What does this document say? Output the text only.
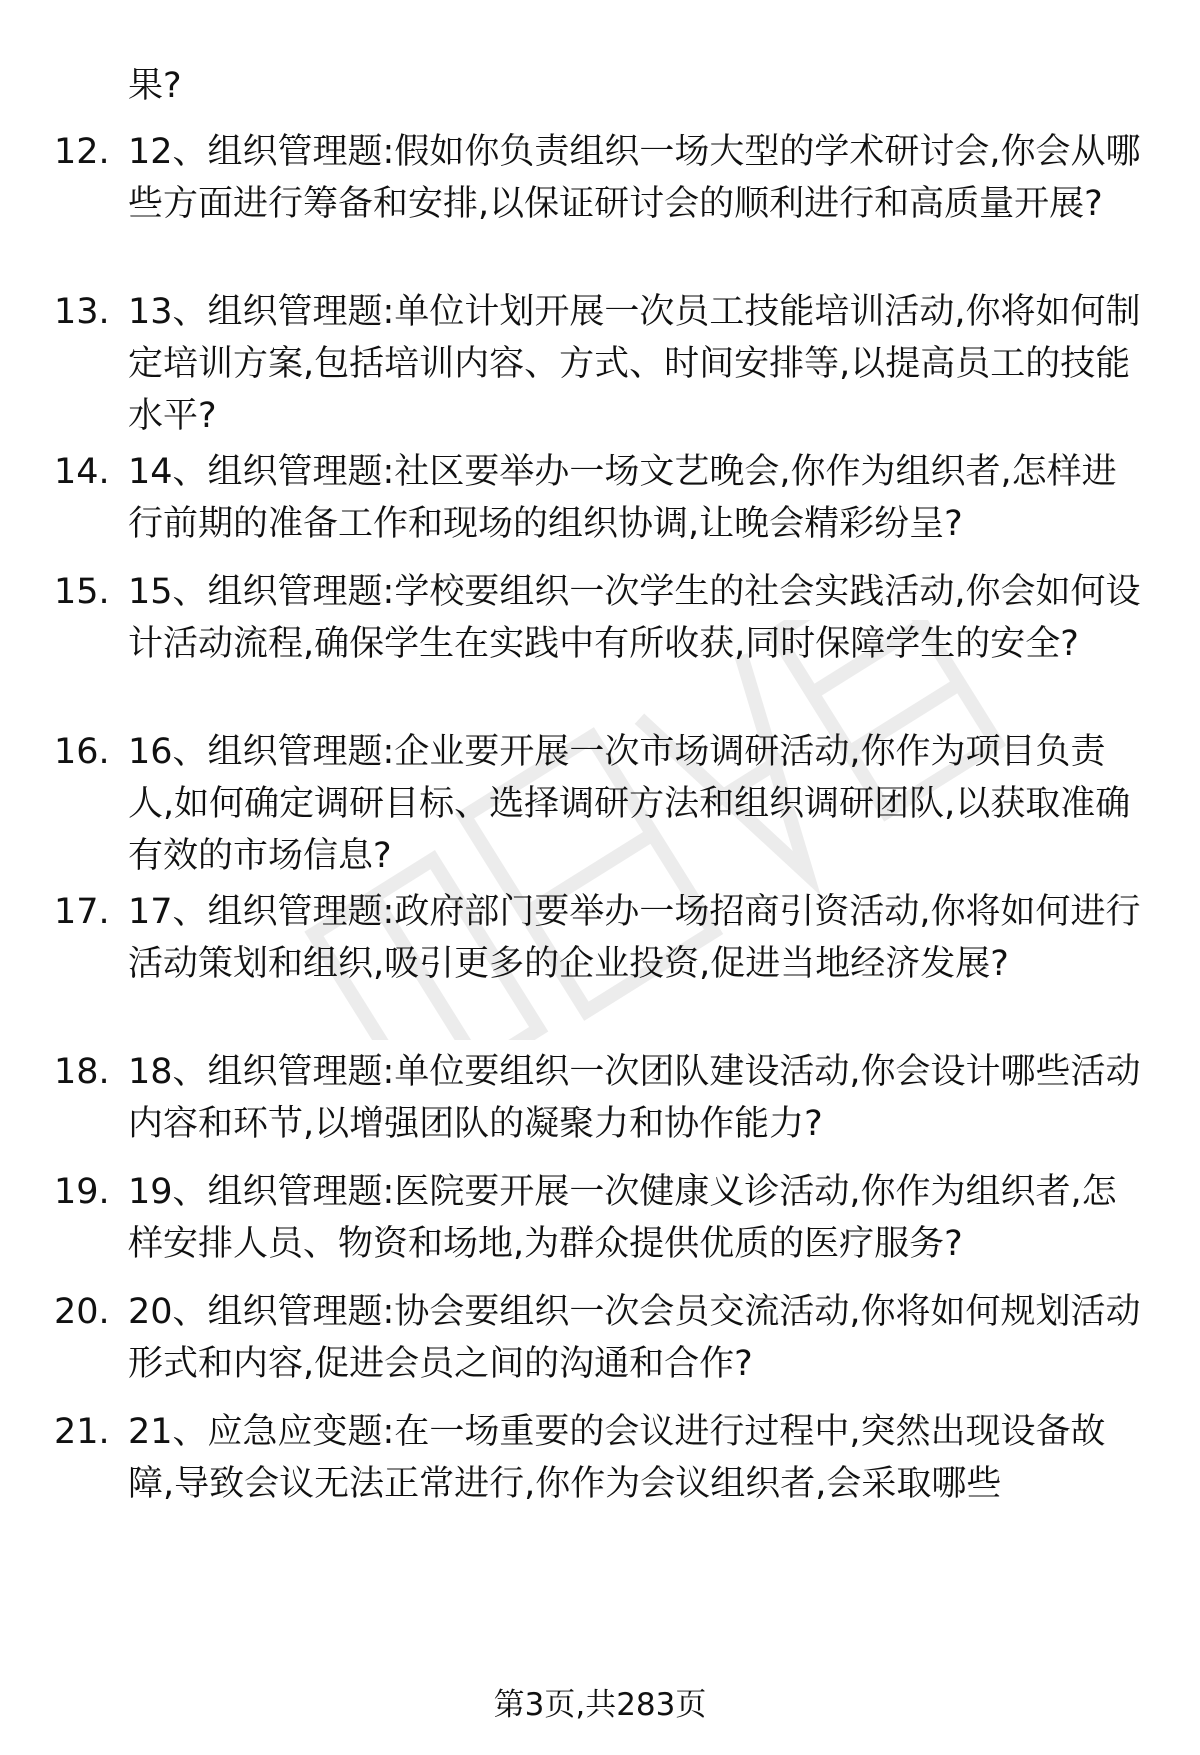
果?

12. 12、组织管理题:假如你负责组织一场大型的学术研讨会,你会从哪些方面进行筹备和安排,以保证研讨会的顺利进行和高质量开展?

13. 13、组织管理题:单位计划开展一次员工技能培训活动,你将如何制定培训方案,包括培训内容、方式、时间安排等,以提高员工的技能水平?

14. 14、组织管理题:社区要举办一场文艺晚会,你作为组织者,怎样进行前期的准备工作和现场的组织协调,让晚会精彩纷呈?

15. 15、组织管理题:学校要组织一次学生的社会实践活动,你会如何设计活动流程,确保学生在实践中有所收获,同时保障学生的安全?

16. 16、组织管理题:企业要开展一次市场调研活动,你作为项目负责人,如何确定调研目标、选择调研方法和组织调研团队,以获取准确有效的市场信息?

17. 17、组织管理题:政府部门要举办一场招商引资活动,你将如何进行活动策划和组织,吸引更多的企业投资,促进当地经济发展?

18. 18、组织管理题:单位要组织一次团队建设活动,你会设计哪些活动内容和环节,以增强团队的凝聚力和协作能力?

19. 19、组织管理题:医院要开展一次健康义诊活动,你作为组织者,怎样安排人员、物资和场地,为群众提供优质的医疗服务?

20. 20、组织管理题:协会要组织一次会员交流活动,你将如何规划活动形式和内容,促进会员之间的沟通和合作?

21. 21、应急应变题:在一场重要的会议进行过程中,突然出现设备故障,导致会议无法正常进行,你作为会议组织者,会采取哪些

第3页,共283页
